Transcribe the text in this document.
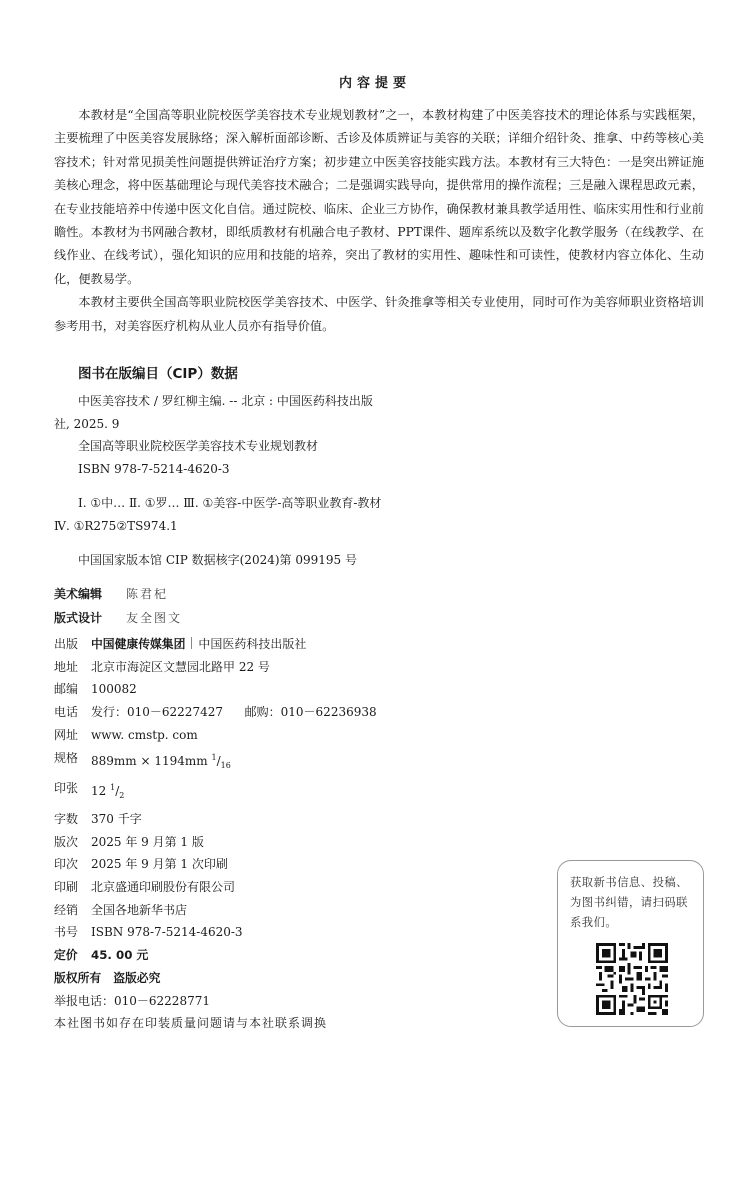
内容提要

本教材是“全国高等职业院校医学美容技术专业规划教材”之一，本教材构建了中医美容技术的理论体系与实践框架，主要梳理了中医美容发展脉络；深入解析面部诊断、舌诊及体质辨证与美容的关联；详细介绍针灸、推拿、中药等核心美容技术；针对常见损美性问题提供辨证治疗方案；初步建立中医美容技能实践方法。本教材有三大特色：一是突出辨证施美核心理念，将中医基础理论与现代美容技术融合；二是强调实践导向，提供常用的操作流程；三是融入课程思政元素，在专业技能培养中传递中医文化自信。通过院校、临床、企业三方协作，确保教材兼具教学适用性、临床实用性和行业前瞻性。本教材为书网融合教材，即纸质教材有机融合电子教材、PPT课件、题库系统以及数字化教学服务（在线教学、在线作业、在线考试），强化知识的应用和技能的培养，突出了教材的实用性、趣味性和可读性，使教材内容立体化、生动化，便教易学。

本教材主要供全国高等职业院校医学美容技术、中医学、针灸推拿等相关专业使用，同时可作为美容师职业资格培训参考用书，对美容医疗机构从业人员亦有指导价值。

图书在版编目（CIP）数据

中医美容技术 / 罗红柳主编. -- 北京 : 中国医药科技出版社, 2025. 9

全国高等职业院校医学美容技术专业规划教材

ISBN 978-7-5214-4620-3

Ⅰ. ①中… Ⅱ. ①罗… Ⅲ. ①美容-中医学-高等职业教育-教材 Ⅳ. ①R275②TS974.1

中国国家版本馆 CIP 数据核字(2024)第 099195 号

美术编辑	陈君杞
版式设计	友全图文
出版	中国健康传媒集团 中国医药科技出版社
地址	北京市海淀区文慧园北路甲 22 号
邮编	100082
电话	发行：010－62227427 邮购：010－62236938
网址	www. cmstp. com
规格	889mm × 1194mm $^1/_{16}$
印张	12 $^1/_2$
字数	370 千字
版次	2025 年 9 月第 1 版
印次	2025 年 9 月第 1 次印刷
印刷	北京盛通印刷股份有限公司
经销	全国各地新华书店
书号	ISBN 978-7-5214-4620-3
定价	45. 00 元
版权所有 盗版必究
举报电话：010－62228771
本社图书如存在印装质量问题请与本社联系调换
获取新书信息、投稿、为图书纠错，请扫码联系我们。
